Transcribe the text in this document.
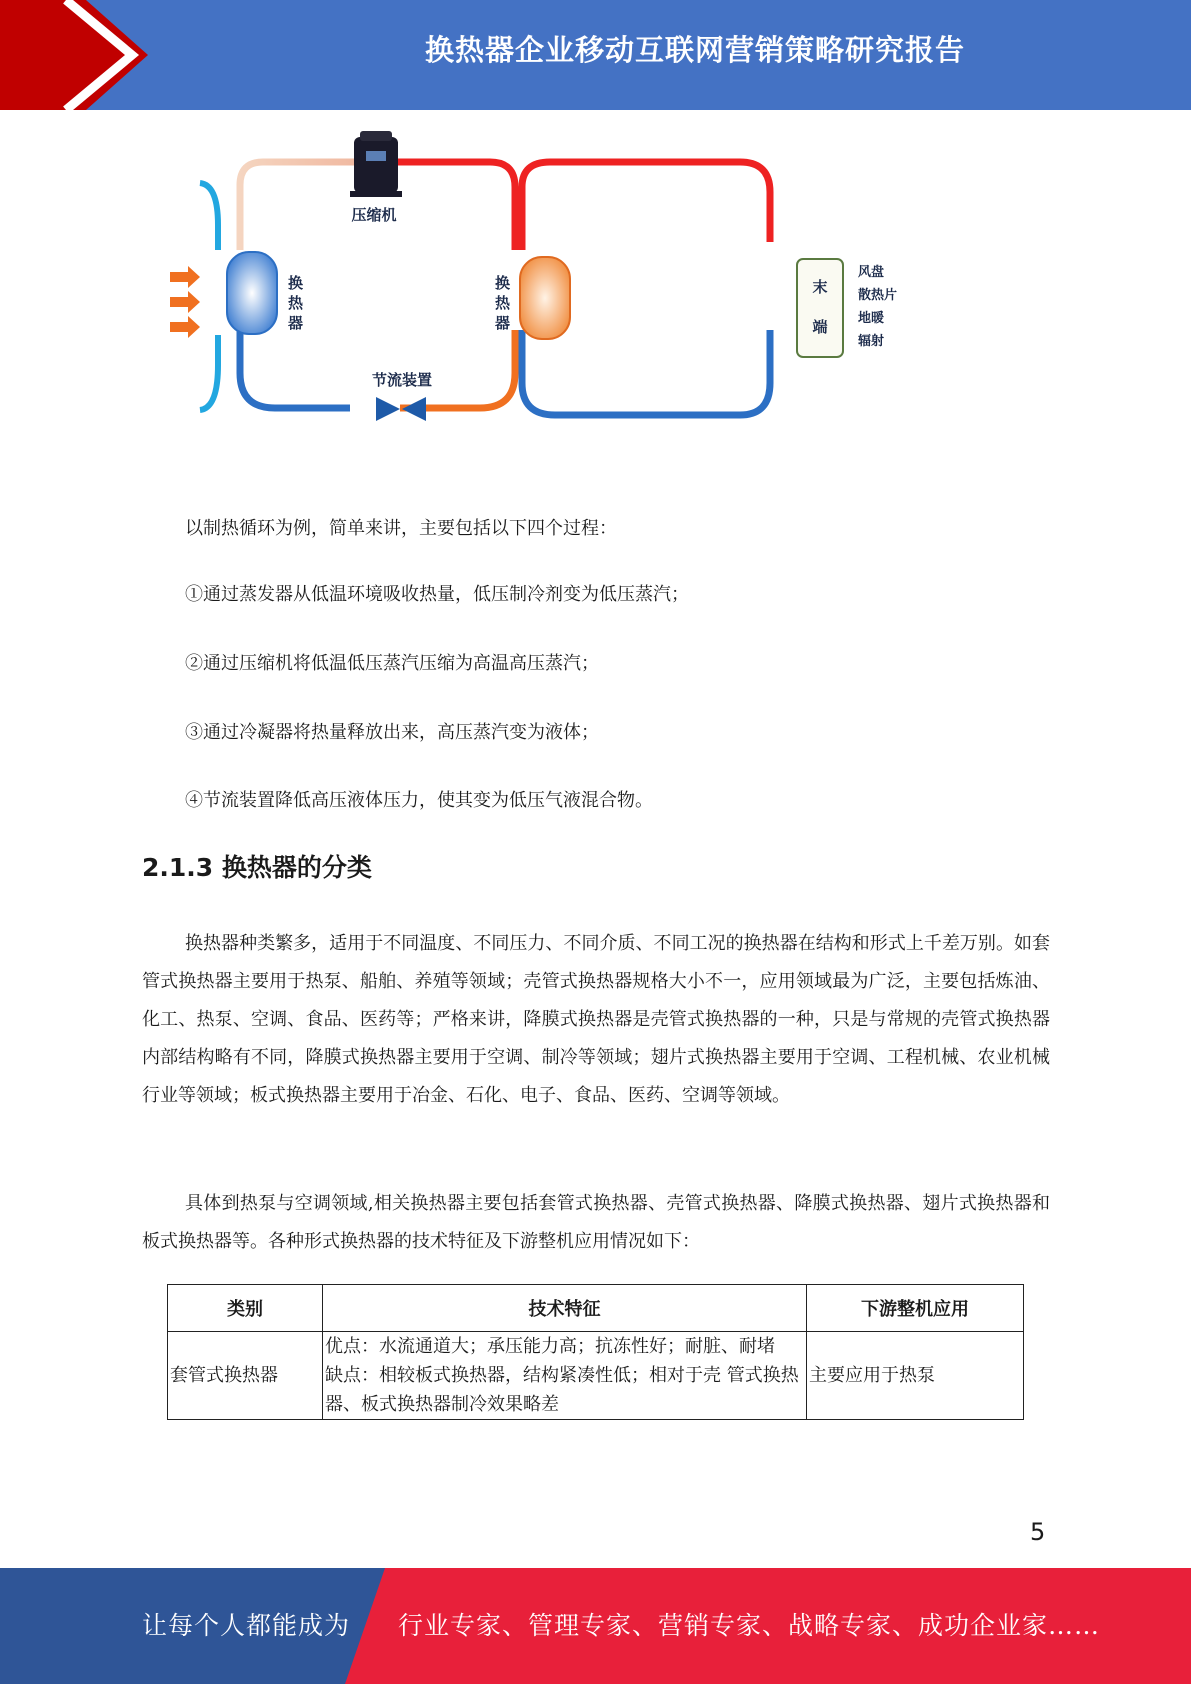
换热器企业移动互联网营销策略研究报告
换
热
器
换
热
器
压缩机
节流装置
末
端
风盘
散热片
地暖
辐射
以制热循环为例，简单来讲，主要包括以下四个过程：
①通过蒸发器从低温环境吸收热量，低压制冷剂变为低压蒸汽；
②通过压缩机将低温低压蒸汽压缩为高温高压蒸汽；
③通过冷凝器将热量释放出来，高压蒸汽变为液体；
④节流装置降低高压液体压力，使其变为低压气液混合物。
2.1.3 换热器的分类
换热器种类繁多，适用于不同温度、不同压力、不同介质、不同工况的换热器在结构和形式上千差万别。如套管式换热器主要用于热泵、船舶、养殖等领域；壳管式换热器规格大小不一，应用领域最为广泛，主要包括炼油、化工、热泵、空调、食品、医药等；严格来讲，降膜式换热器是壳管式换热器的一种，只是与常规的壳管式换热器内部结构略有不同，降膜式换热器主要用于空调、制冷等领域；翅片式换热器主要用于空调、工程机械、农业机械行业等领域；板式换热器主要用于冶金、石化、电子、食品、医药、空调等领域。
具体到热泵与空调领域,相关换热器主要包括套管式换热器、壳管式换热器、降膜式换热器、翅片式换热器和板式换热器等。各种形式换热器的技术特征及下游整机应用情况如下：
类别	技术特征	下游整机应用
套管式换热器	优点：水流通道大；承压能力高；抗冻性好；耐脏、耐堵
缺点：相较板式换热器，结构紧凑性低；相对于壳 管式换热器、板式换热器制冷效果略差	主要应用于热泵
5
让每个人都能成为 行业专家、管理专家、营销专家、战略专家、成功企业家……
